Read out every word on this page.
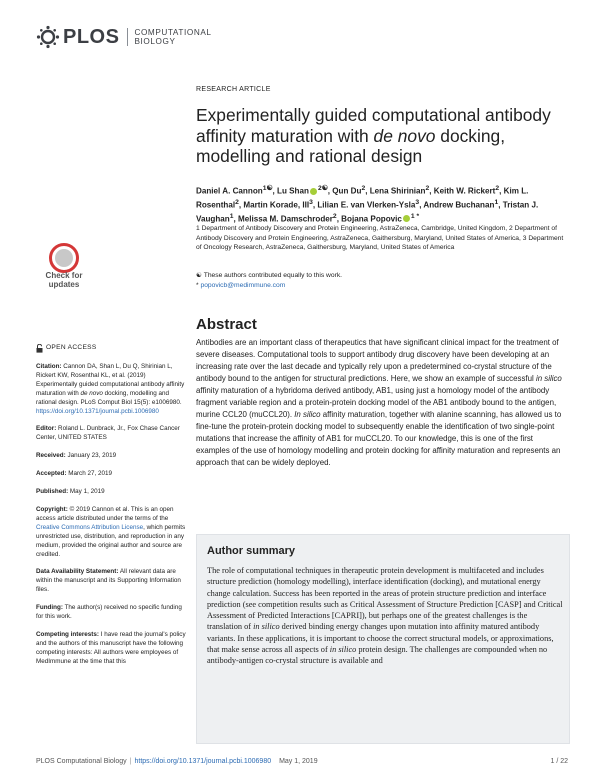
PLOS COMPUTATIONAL
BIOLOGY
RESEARCH ARTICLE
Experimentally guided computational antibody affinity maturation with de novo docking, modelling and rational design
Daniel A. Cannon$^{1☯}$, Lu Shan $^{2☯}$, Qun Du$^2$, Lena Shirinian$^2$, Keith W. Rickert$^2$, Kim L. Rosenthal$^2$, Martin Korade, III$^3$, Lilian E. van Vlerken-Ysla$^3$, Andrew Buchanan$^1$, Tristan J. Vaughan$^1$, Melissa M. Damschroder$^2$, Bojana Popovic $^{1 *}$
1 Department of Antibody Discovery and Protein Engineering, AstraZeneca, Cambridge, United Kingdom, 2 Department of Antibody Discovery and Protein Engineering, AstraZeneca, Gaithersburg, Maryland, United States of America, 3 Department of Oncology Research, AstraZeneca, Gaithersburg, Maryland, United States of America
☯ These authors contributed equally to this work.
* popovicb@medimmune.com
Check for
updates
OPEN ACCESS
Citation: Cannon DA, Shan L, Du Q, Shirinian L, Rickert KW, Rosenthal KL, et al. (2019) Experimentally guided computational antibody affinity maturation with de novo docking, modelling and rational design. PLoS Comput Biol 15(5): e1006980. https://doi.org/10.1371/journal.pcbi.1006980
Editor: Roland L. Dunbrack, Jr., Fox Chase Cancer Center, UNITED STATES
Received: January 23, 2019
Accepted: March 27, 2019
Published: May 1, 2019
Copyright: © 2019 Cannon et al. This is an open access article distributed under the terms of the Creative Commons Attribution License, which permits unrestricted use, distribution, and reproduction in any medium, provided the original author and source are credited.
Data Availability Statement: All relevant data are within the manuscript and its Supporting Information files.
Funding: The author(s) received no specific funding for this work.
Competing interests: I have read the journal's policy and the authors of this manuscript have the following competing interests: All authors were employees of MedImmune at the time that this
Abstract

Antibodies are an important class of therapeutics that have significant clinical impact for the treatment of severe diseases. Computational tools to support antibody drug discovery have been developing at an increasing rate over the last decade and typically rely upon a predetermined co-crystal structure of the antibody bound to the antigen for structural predictions. Here, we show an example of successful in silico affinity maturation of a hybridoma derived antibody, AB1, using just a homology model of the antibody fragment variable region and a protein-protein docking model of the AB1 antibody bound to the antigen, murine CCL20 (muCCL20). In silico affinity maturation, together with alanine scanning, has allowed us to fine-tune the protein-protein docking model to subsequently enable the identification of two single-point mutations that increase the affinity of AB1 for muCCL20. To our knowledge, this is one of the first examples of the use of homology modelling and protein docking for affinity maturation and represents an approach that can be widely deployed.

Author summary

The role of computational techniques in therapeutic protein development is multifaceted and includes structure prediction (homology modelling), interface identification (docking), and mutational energy change calculation. Success has been reported in the areas of protein structure prediction and interface prediction (see competition results such as Critical Assessment of Structure Prediction [CASP] and Critical Assessment of Predicted Interactions [CAPRI]), but perhaps one of the greatest challenges is the translation of in silico derived binding energy changes upon mutation into affinity matured antibody variants. In these applications, it is important to choose the correct structural models, or approximations, that make sense across all aspects of in silico protein design. The challenges are compounded when no antibody-antigen co-crystal structure is available and

PLOS Computational Biology | https://doi.org/10.1371/journal.pcbi.1006980 May 1, 2019	1 / 22
